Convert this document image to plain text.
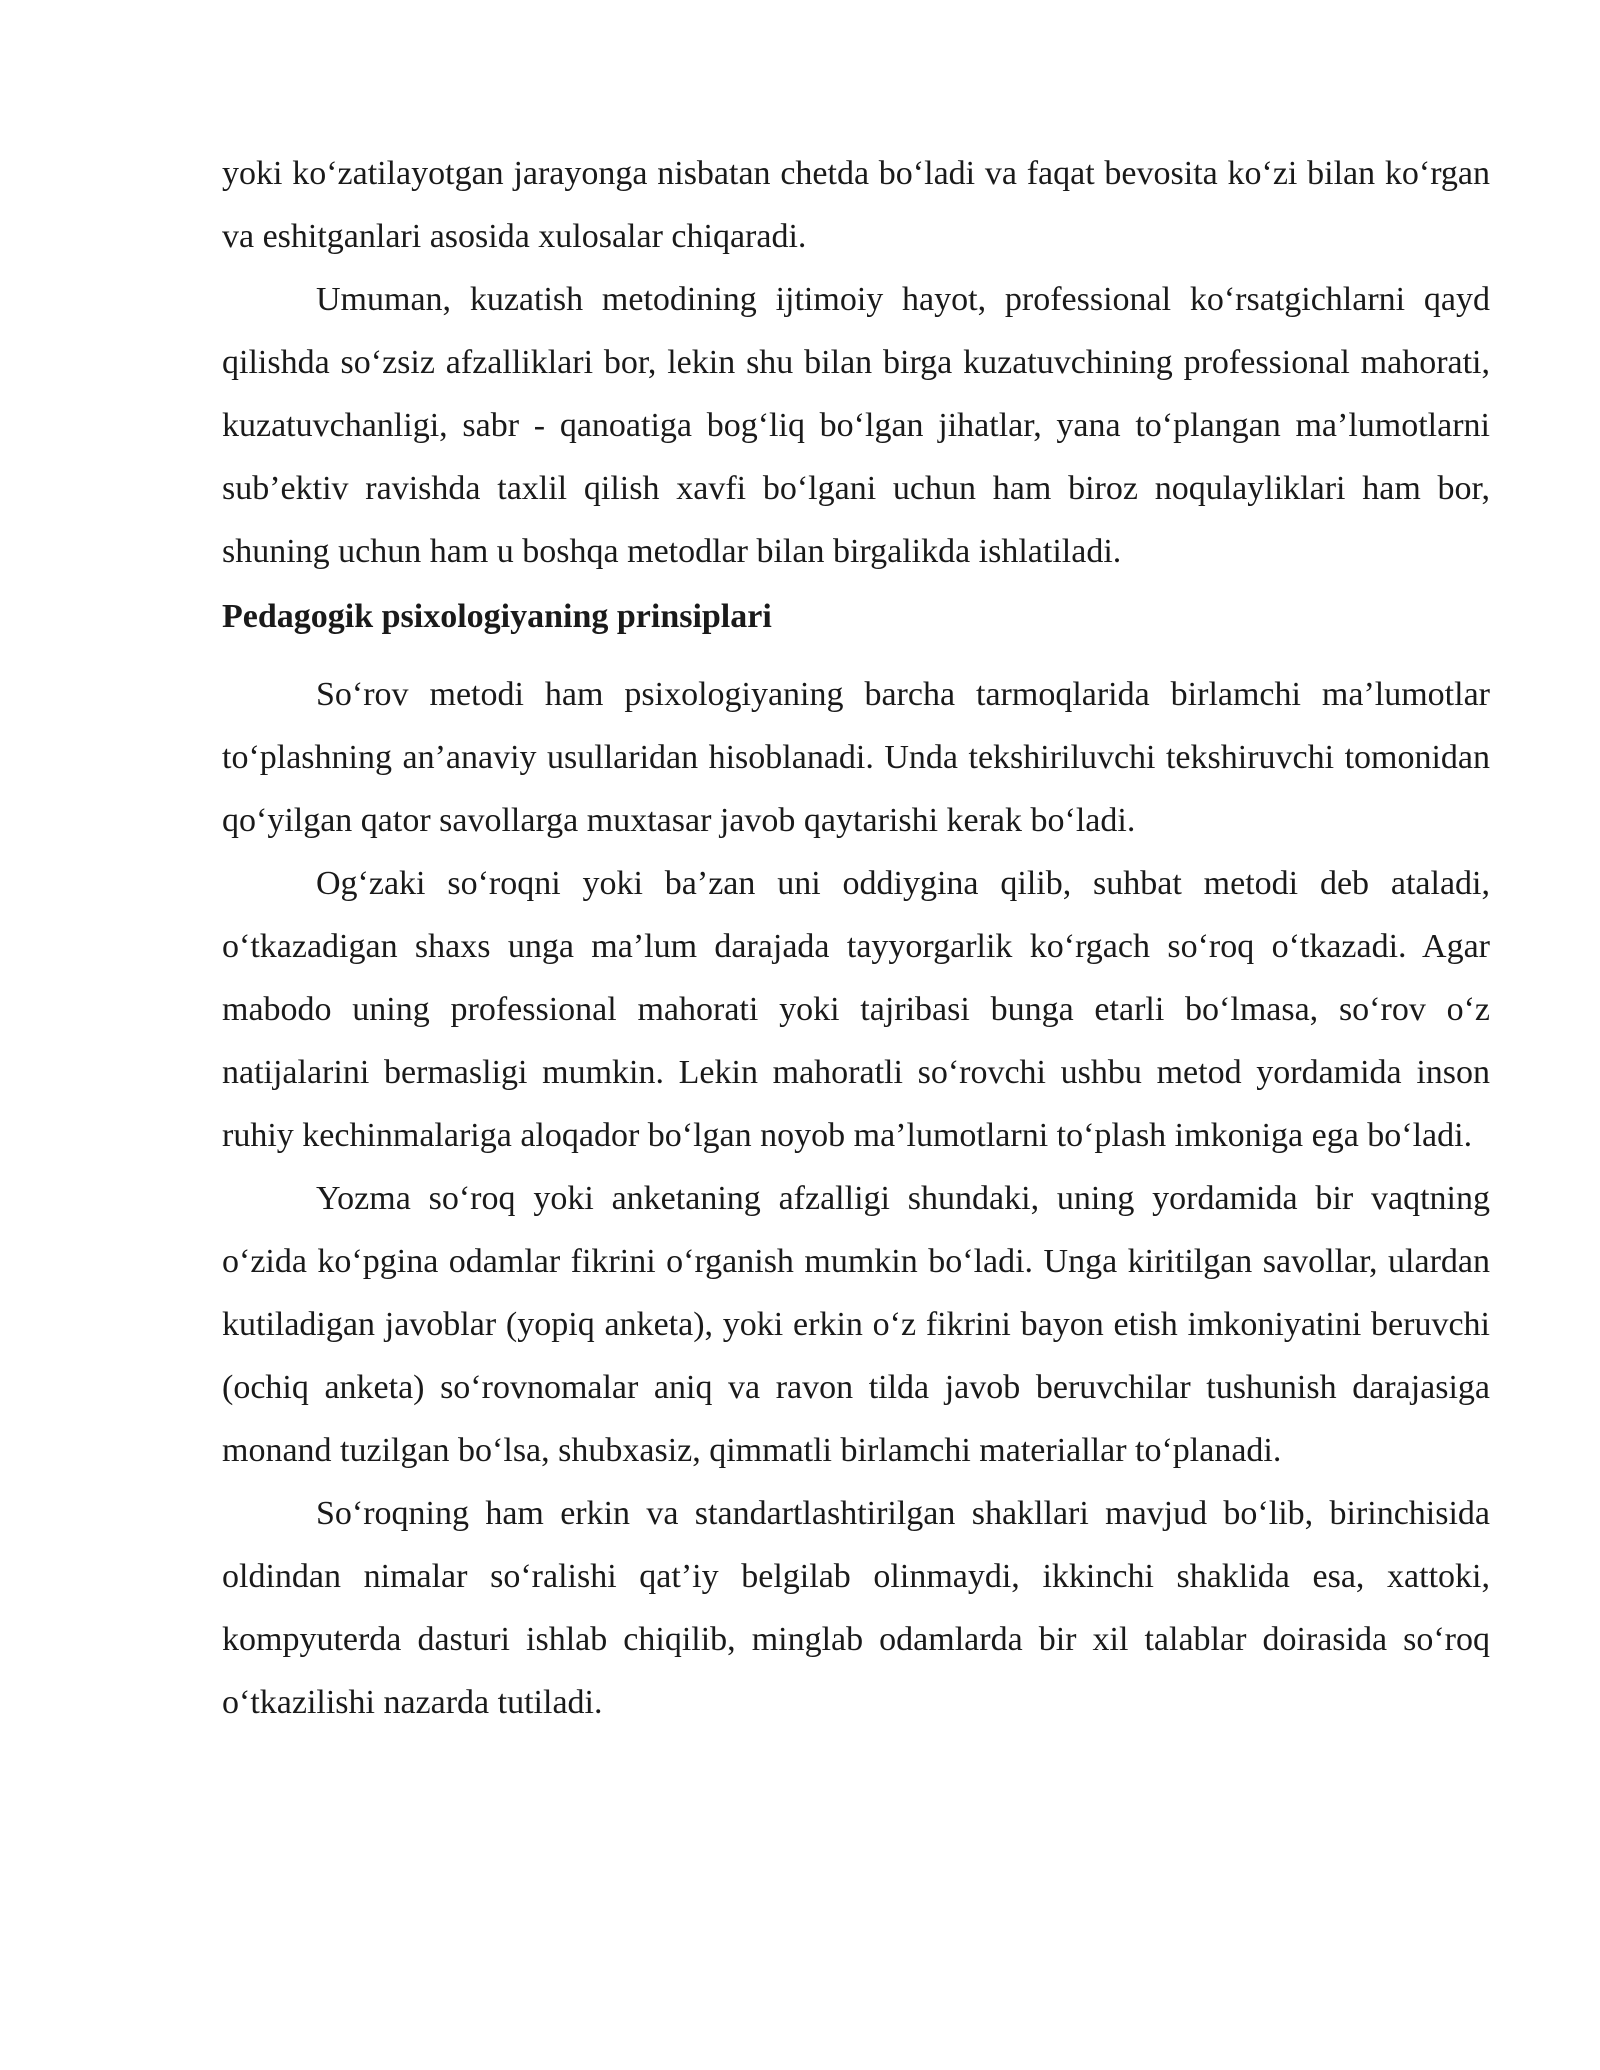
yoki ko‘zatilayotgan jarayonga nisbatan chetda bo‘ladi va faqat bevosita ko‘zi bilan ko‘rgan va eshitganlari asosida xulosalar chiqaradi.

Umuman, kuzatish metodining ijtimoiy hayot, professional ko‘rsatgichlarni qayd qilishda so‘zsiz afzalliklari bor, lekin shu bilan birga kuzatuvchining professional mahorati, kuzatuvchanligi, sabr - qanoatiga bog‘liq bo‘lgan jihatlar, yana to‘plangan ma’lumotlarni sub’ektiv ravishda taxlil qilish xavfi bo‘lgani uchun ham biroz noqulayliklari ham bor, shuning uchun ham u boshqa metodlar bilan birgalikda ishlatiladi.

Pedagogik psixologiyaning prinsiplari

So‘rov metodi ham psixologiyaning barcha tarmoqlarida birlamchi ma’lumotlar to‘plashning an’anaviy usullaridan hisoblanadi. Unda tekshiriluvchi tekshiruvchi tomonidan qo‘yilgan qator savollarga muxtasar javob qaytarishi kerak bo‘ladi.

Og‘zaki so‘roqni yoki ba’zan uni oddiygina qilib, suhbat metodi deb ataladi, o‘tkazadigan shaxs unga ma’lum darajada tayyorgarlik ko‘rgach so‘roq o‘tkazadi. Agar mabodo uning professional mahorati yoki tajribasi bunga etarli bo‘lmasa, so‘rov o‘z natijalarini bermasligi mumkin. Lekin mahoratli so‘rovchi ushbu metod yordamida inson ruhiy kechinmalariga aloqador bo‘lgan noyob ma’lumotlarni to‘plash imkoniga ega bo‘ladi.

Yozma so‘roq yoki anketaning afzalligi shundaki, uning yordamida bir vaqtning o‘zida ko‘pgina odamlar fikrini o‘rganish mumkin bo‘ladi. Unga kiritilgan savollar, ulardan kutiladigan javoblar (yopiq anketa), yoki erkin o‘z fikrini bayon etish imkoniyatini beruvchi (ochiq anketa) so‘rovnomalar aniq va ravon tilda javob beruvchilar tushunish darajasiga monand tuzilgan bo‘lsa, shubxasiz, qimmatli birlamchi materiallar to‘planadi.

So‘roqning ham erkin va standartlashtirilgan shakllari mavjud bo‘lib, birinchisida oldindan nimalar so‘ralishi qat’iy belgilab olinmaydi, ikkinchi shaklida esa, xattoki, kompyuterda dasturi ishlab chiqilib, minglab odamlarda bir xil talablar doirasida so‘roq o‘tkazilishi nazarda tutiladi.
